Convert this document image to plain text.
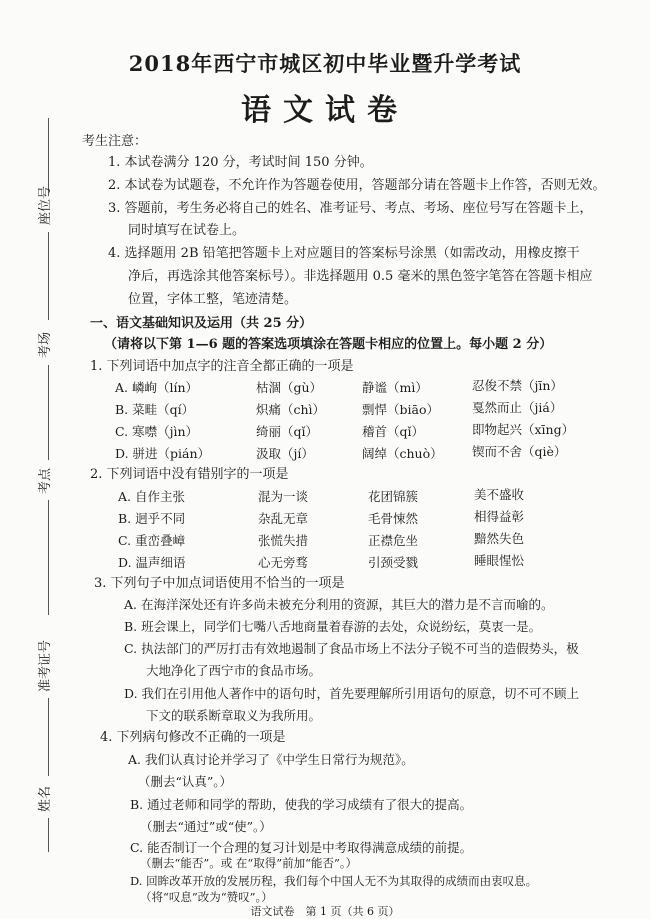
2018年西宁市城区初中毕业暨升学考试
语文试卷
座位号
考场
考点
准考证号
姓名
考生注意：
1. 本试卷满分 120 分，考试时间 150 分钟。
2. 本试卷为试题卷，不允许作为答题卷使用，答题部分请在答题卡上作答，否则无效。
3. 答题前，考生务必将自己的姓名、准考证号、考点、考场、座位号写在答题卡上，
同时填写在试卷上。
4. 选择题用 2B 铅笔把答题卡上对应题目的答案标号涂黑（如需改动，用橡皮擦干
净后，再选涂其他答案标号）。非选择题用 0.5 毫米的黑色签字笔答在答题卡相应
位置，字体工整，笔迹清楚。
一、语文基础知识及运用（共 25 分）
（请将以下第 1—6 题的答案选项填涂在答题卡相应的位置上。每小题 2 分）
1. 下列词语中加点字的注音全都正确的一项是
A. 嶙峋（lín）	枯涸（gù）	静谧（mì）	忍俊不禁（jīn）
B. 菜畦（qí）	炽痛（chì）	剽悍（biāo）	戛然而止（jiá）
C. 寒噤（jìn）	绮丽（qǐ）	稽首（qǐ）	即物起兴（xīng）
D. 骈进（pián）	汲取（jí）	阔绰（chuò） 锲而不舍（qiè）
2. 下列词语中没有错别字的一项是
A. 自作主张	混为一谈	花团锦簇	美不盛收
B. 迥乎不同	杂乱无章	毛骨悚然	相得益彰
C. 重峦叠嶂	张慌失措	正襟危坐	黯然失色
D. 温声细语	心无旁骛	引颈受戮	睡眼惺忪
3. 下列句子中加点词语使用不恰当的一项是
A. 在海洋深处还有许多尚未被充分利用的资源，其巨大的潜力是不言而喻的。
B. 班会课上，同学们七嘴八舌地商量着春游的去处，众说纷纭，莫衷一是。
C. 执法部门的严厉打击有效地遏制了食品市场上不法分子锐不可当的造假势头，极
大地净化了西宁市的食品市场。
D. 我们在引用他人著作中的语句时，首先要理解所引用语句的原意，切不可不顾上
下文的联系断章取义为我所用。
4. 下列病句修改不正确的一项是
A. 我们认真讨论并学习了《中学生日常行为规范》。
（删去“认真”。）
B. 通过老师和同学的帮助，使我的学习成绩有了很大的提高。
（删去“通过”或“使”。）
C. 能否制订一个合理的复习计划是中考取得满意成绩的前提。
（删去“能否”。或 在“取得”前加“能否”。）
D. 回眸改革开放的发展历程，我们每个中国人无不为其取得的成绩而由衷叹息。
（将“叹息”改为“赞叹”。）
语文试卷　第 1 页（共 6 页）
